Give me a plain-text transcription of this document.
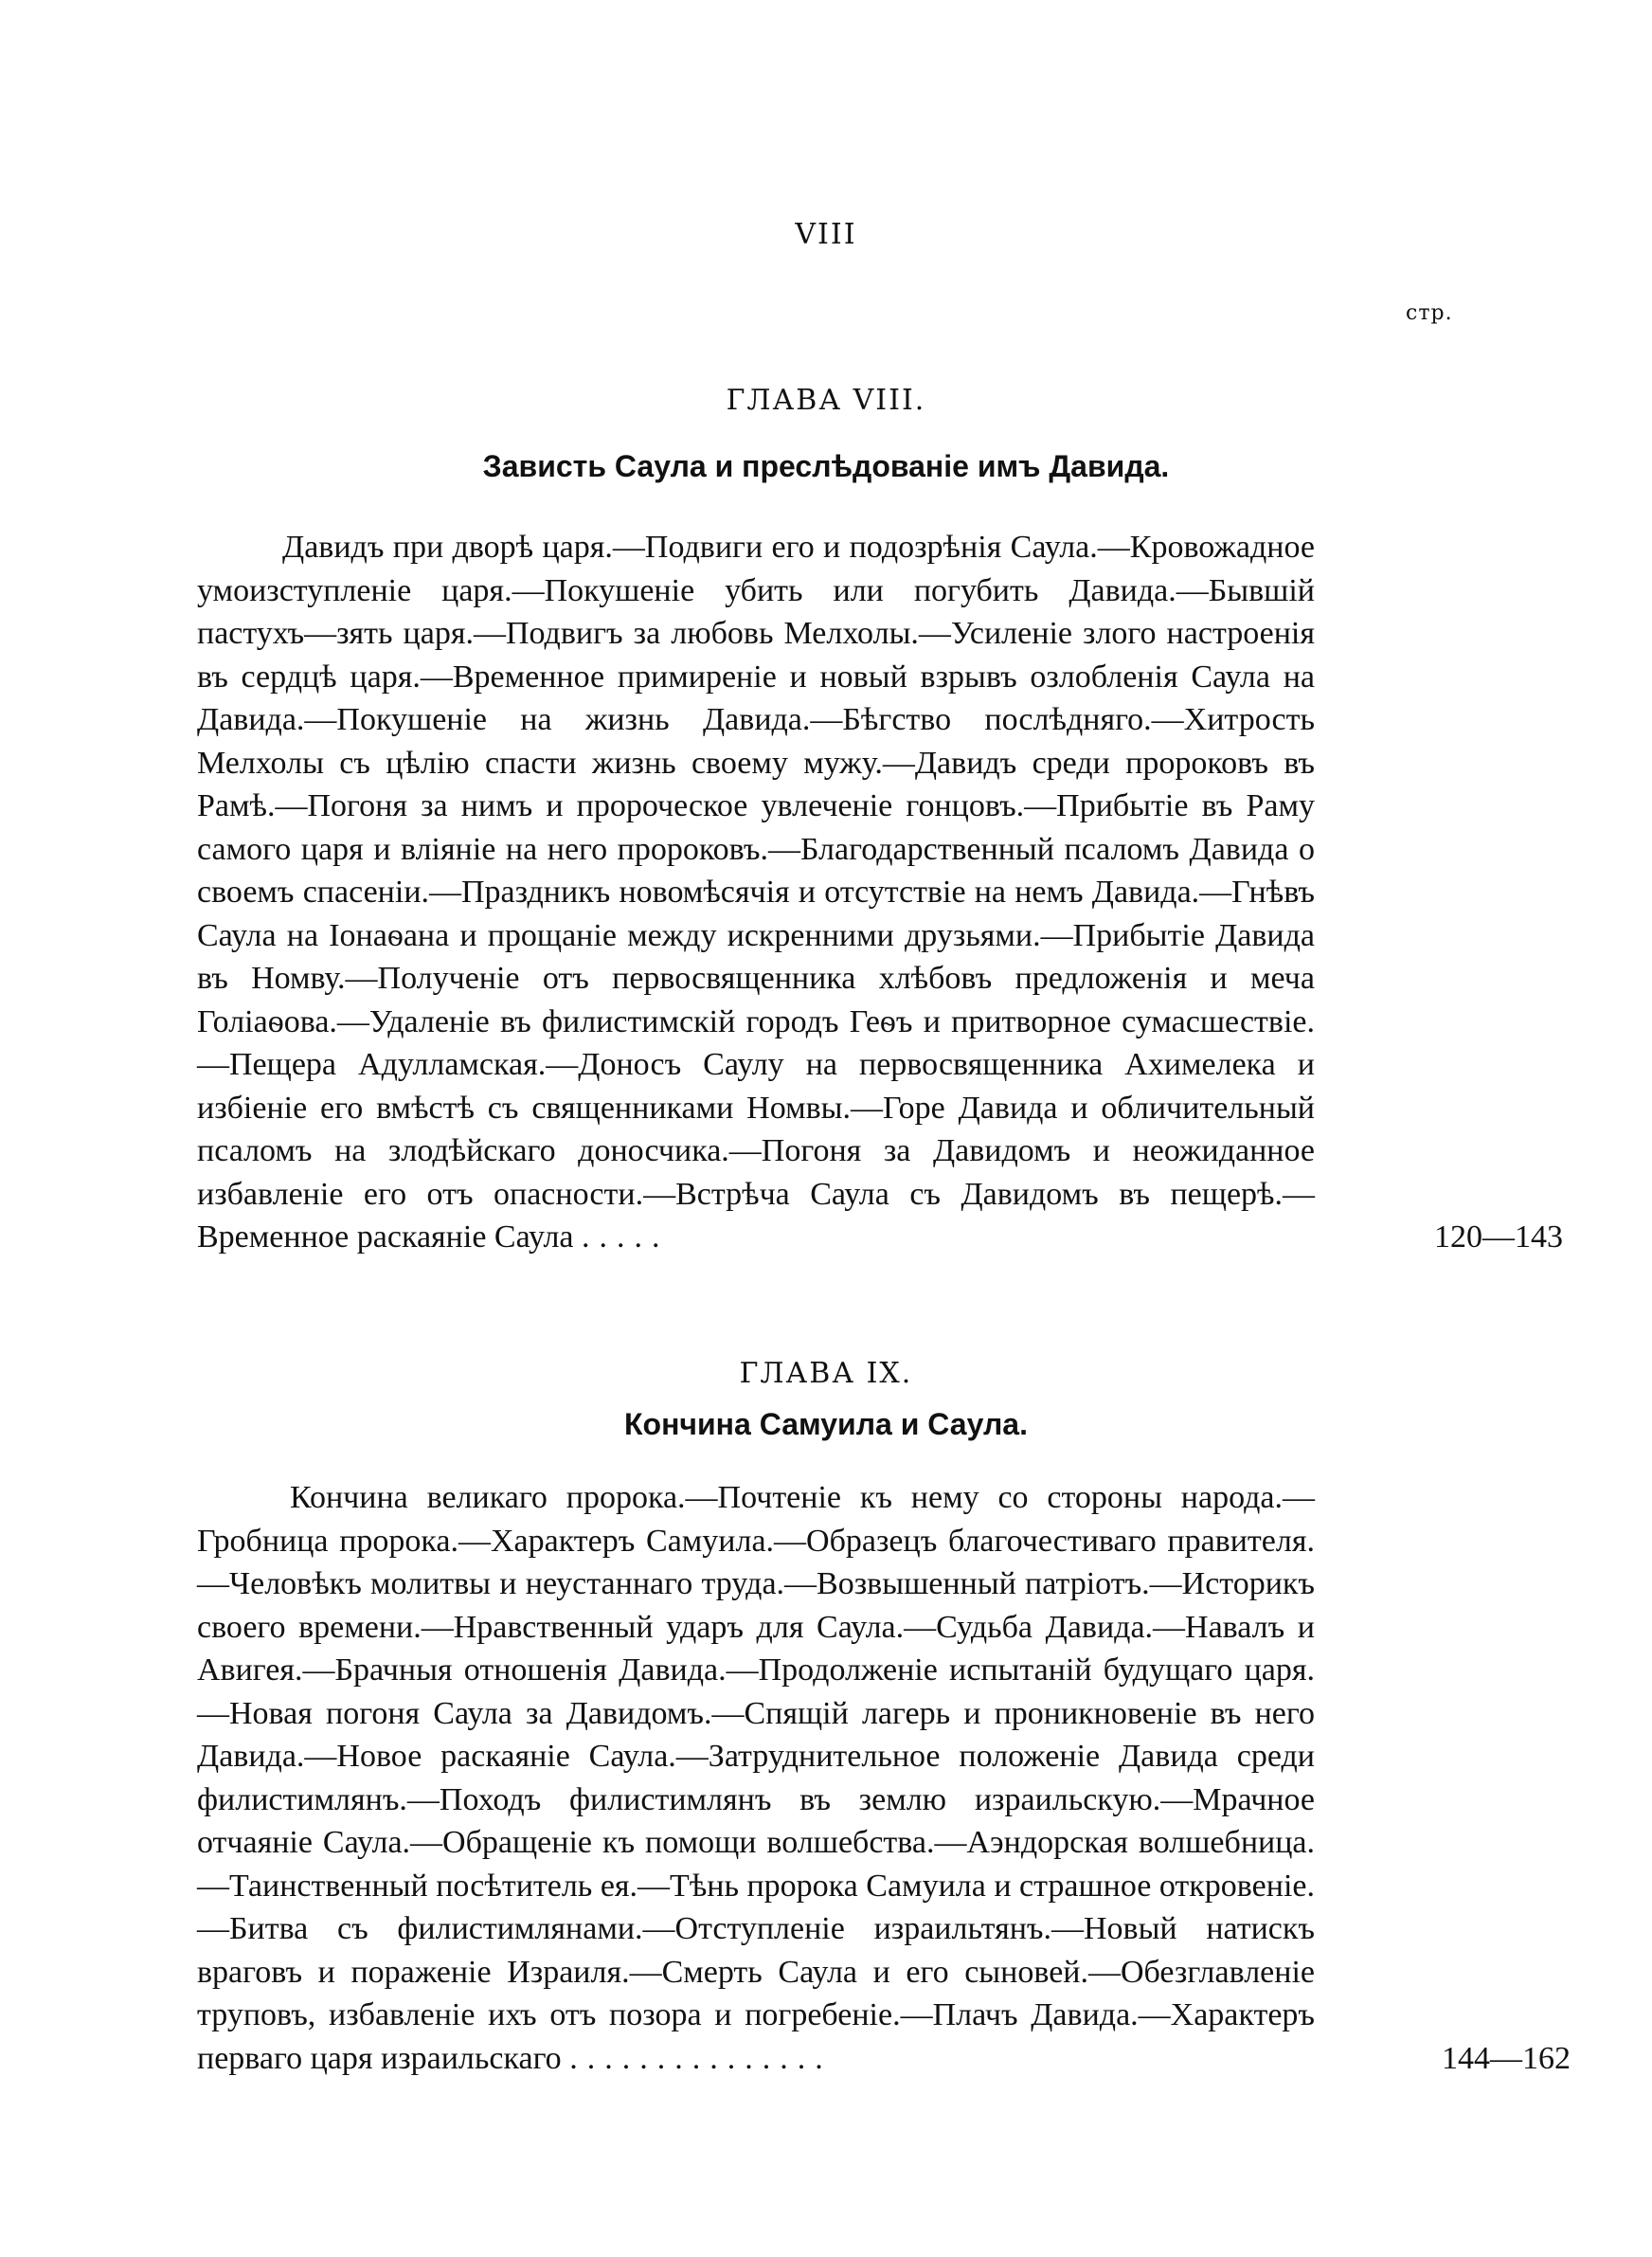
VIII
стр.
ГЛАВА VIII.
Зависть Саула и преслѣдованіе имъ Давида.
Давидъ при дворѣ царя.—Подвиги его и подозрѣнія Саула.—Кровожадное умоизступленіе царя.—Покушеніе убить или погубить Давида.—Бывшій пастухъ—зять царя.—Подвигъ за любовь Мелхолы.—Усиленіе злого настроенія въ сердцѣ царя.—Временное примиреніе и новый взрывъ озлобленія Саула на Давида.—Покушеніе на жизнь Давида.—Бѣгство послѣдняго.—Хитрость Мелхолы съ цѣлію спасти жизнь своему мужу.—Давидъ среди пророковъ въ Рамѣ.—Погоня за нимъ и пророческое увлеченіе гонцовъ.—Прибытіе въ Раму самого царя и вліяніе на него пророковъ.—Благодарственный псаломъ Давида о своемъ спасеніи.—Праздникъ новомѣсячія и отсутствіе на немъ Давида.—Гнѣвъ Саула на Іонаѳана и прощаніе между искренними друзьями.—Прибытіе Давида въ Номву.—Полученіе отъ первосвященника хлѣбовъ предложенія и меча Голіаѳова.—Удаленіе въ филистимскій городъ Геѳъ и притворное сумасшествіе.—Пещера Адулламская.—Доносъ Саулу на первосвященника Ахимелека и избіеніе его вмѣстѣ съ священниками Номвы.—Горе Давида и обличительный псаломъ на злодѣйскаго доносчика.—Погоня за Давидомъ и неожиданное избавленіе его отъ опасности.—Встрѣча Саула съ Давидомъ въ пещерѣ.—Временное раскаяніе Саула .....	120—143
ГЛАВА IX.
Кончина Самуила и Саула.
Кончина великаго пророка.—Почтеніе къ нему со стороны народа.—Гробница пророка.—Характеръ Самуила.—Образецъ благочестиваго правителя.—Человѣкъ молитвы и неустаннаго труда.—Возвышенный патріотъ.—Историкъ своего времени.—Нравственный ударъ для Саула.—Судьба Давида.—Навалъ и Авигея.—Брачныя отношенія Давида.—Продолженіе испытаній будущаго царя.—Новая погоня Саула за Давидомъ.—Спящій лагерь и проникновеніе въ него Давида.—Новое раскаяніе Саула.—Затруднительное положеніе Давида среди филистимлянъ.—Походъ филистимлянъ въ землю израильскую.—Мрачное отчаяніе Саула.—Обращеніе къ помощи волшебства.—Аэндорская волшебница.—Таинственный посѣтитель ея.—Тѣнь пророка Самуила и страшное откровеніе.—Битва съ филистимлянами.—Отступленіе израильтянъ.—Новый натискъ враговъ и пораженіе Израиля.—Смерть Саула и его сыновей.—Обезглавленіе труповъ, избавленіе ихъ отъ позора и погребеніе.—Плачъ Давида.—Характеръ перваго царя израильскаго ...............	144—162
